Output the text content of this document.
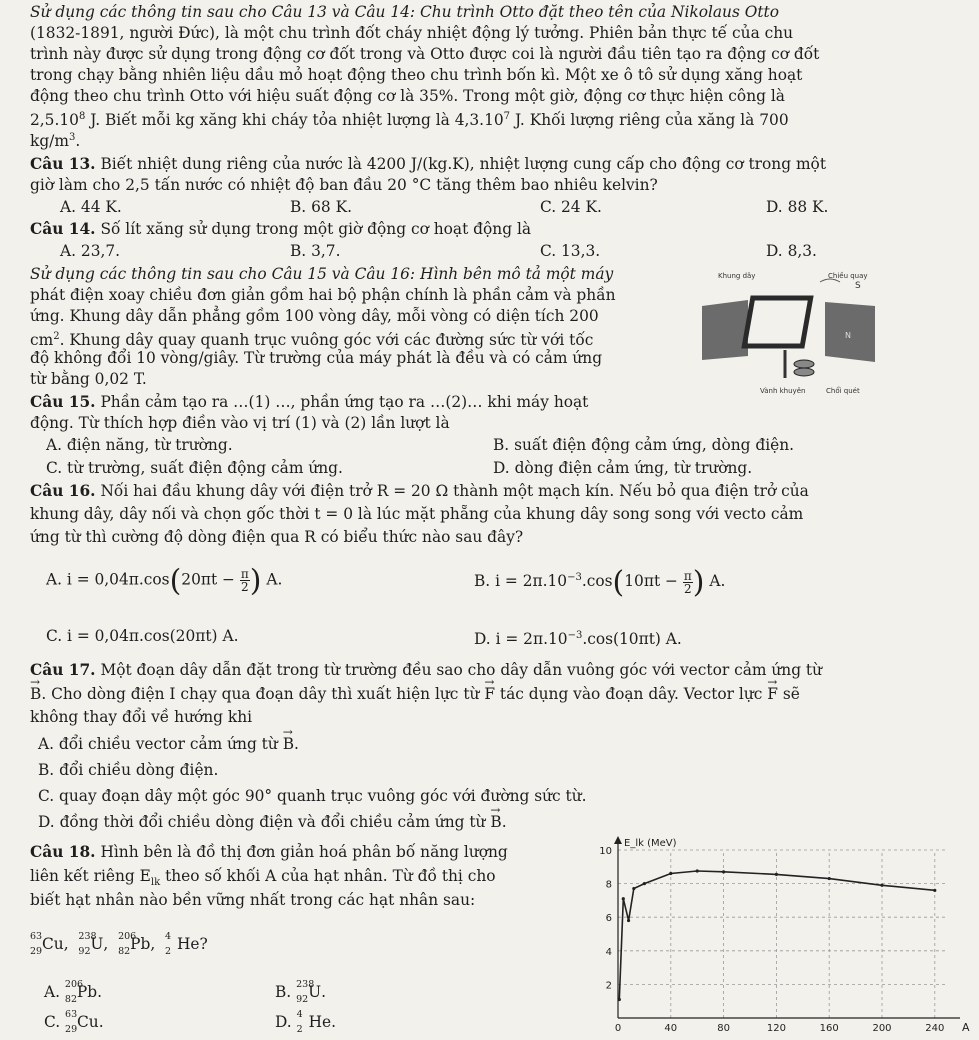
Sử dụng các thông tin sau cho Câu 13 và Câu 14: Chu trình Otto đặt theo tên của Nikolaus Otto
(1832-1891, người Đức), là một chu trình đốt cháy nhiệt động lý tưởng. Phiên bản thực tế của chu
trình này được sử dụng trong động cơ đốt trong và Otto được coi là người đầu tiên tạo ra động cơ đốt
trong chạy bằng nhiên liệu dầu mỏ hoạt động theo chu trình bốn kì. Một xe ô tô sử dụng xăng hoạt
động theo chu trình Otto với hiệu suất động cơ là 35%. Trong một giờ, động cơ thực hiện công là
2,5.10$^8$ J. Biết mỗi kg xăng khi cháy tỏa nhiệt lượng là 4,3.10$^7$ J. Khối lượng riêng của xăng là 700
$kg/m^3$.
Câu 13. Biết nhiệt dung riêng của nước là 4200 J/(kg.K), nhiệt lượng cung cấp cho động cơ trong một
giờ làm cho 2,5 tấn nước có nhiệt độ ban đầu 20 °C tăng thêm bao nhiêu kelvin?
A. 44 K.	B. 68 K.	C. 24 K.	D. 88 K.
Câu 14. Số lít xăng sử dụng trong một giờ động cơ hoạt động là
A. 23,7.	B. 3,7.	C. 13,3.	D. 8,3.
Sử dụng các thông tin sau cho Câu 15 và Câu 16: Hình bên mô tả một máy
phát điện xoay chiều đơn giản gồm hai bộ phận chính là phần cảm và phần
ứng. Khung dây dẫn phẳng gồm 100 vòng dây, mỗi vòng có diện tích 200
$cm^2$. Khung dây quay quanh trục vuông góc với các đường sức từ với tốc
độ không đổi 10 vòng/giây. Từ trường của máy phát là đều và có cảm ứng
từ bằng 0,02 T.
Khung dây	Chiều quay
S
N
Vành khuyên	Chổi quét
Câu 15. Phần cảm tạo ra …(1) …, phần ứng tạo ra …(2)… khi máy hoạt
động. Từ thích hợp điền vào vị trí (1) và (2) lần lượt là
A. điện năng, từ trường.	B. suất điện động cảm ứng, dòng điện.
C. từ trường, suất điện động cảm ứng.	D. dòng điện cảm ứng, từ trường.
Câu 16. Nối hai đầu khung dây với điện trở R = 20 Ω thành một mạch kín. Nếu bỏ qua điện trở của
khung dây, dây nối và chọn gốc thời t = 0 là lúc mặt phẵng của khung dây song song với vecto cảm
ứng từ thì cường độ dòng điện qua R có biểu thức nào sau đây?
A. $i = 0,04\pi.\cos(20\pi t - \frac{\pi}{2}$ ) A.	B. $i = 2\pi.10^{-3}.\cos(10\pi t - \frac{\pi}{2}$ ) A.
C. i = 0,04π.cos(20πt) A.	D. $i = 2\pi.10^{-3}.\cos(10\pi t)$ A.
Câu 17. Một đoạn dây dẫn đặt trong từ trường đều sao cho dây dẫn vuông góc với vector cảm ứng từ
→ B. Cho dòng điện I chạy qua đoạn dây thì xuất hiện lực từ → F tác dụng vào đoạn dây. Vector lực → F sẽ
không thay đổi về hướng khi
A. đổi chiều vector cảm ứng từ → B.
B. đổi chiều dòng điện.
C. quay đoạn dây một góc 90° quanh trục vuông góc với đường sức từ.
D. đồng thời đổi chiều dòng điện và đổi chiều cảm ứng từ → B.
Câu 18. Hình bên là đồ thị đơn giản hoá phân bố năng lượng
liên kết riêng $E_{lk}$ theo số khối A của hạt nhân. Từ đồ thị cho
biết hạt nhân nào bền vững nhất trong các hạt nhân sau:
63
29 Cu, 238
92 U, 206
82 Pb, 4
2 He?
A. 206
82 Pb.	B. 238
92 U.
C. 63
29 Cu.	D. 4
2 He.
2
4
6
8
10
0	40	80	120	160	200	240
E_lk (MeV)
A
